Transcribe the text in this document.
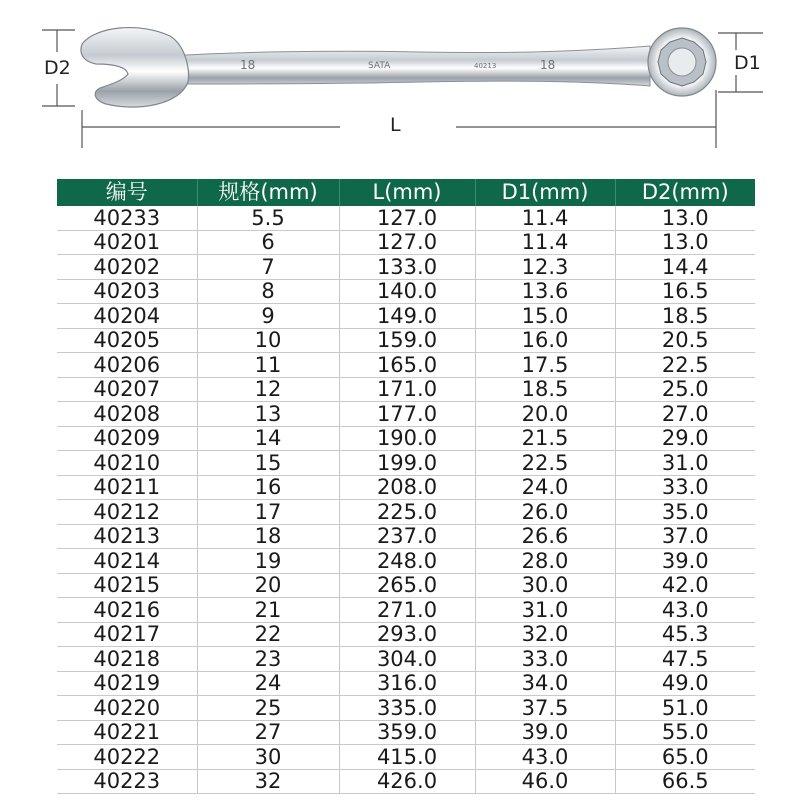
18	SATA	40213	18
D2	D1
L
编号	规格(mm)	L(mm)	D1(mm)	D2(mm)
40233	5.5	127.0	11.4	13.0
40201	6	127.0	11.4	13.0
40202	7	133.0	12.3	14.4
40203	8	140.0	13.6	16.5
40204	9	149.0	15.0	18.5
40205	10	159.0	16.0	20.5
40206	11	165.0	17.5	22.5
40207	12	171.0	18.5	25.0
40208	13	177.0	20.0	27.0
40209	14	190.0	21.5	29.0
40210	15	199.0	22.5	31.0
40211	16	208.0	24.0	33.0
40212	17	225.0	26.0	35.0
40213	18	237.0	26.6	37.0
40214	19	248.0	28.0	39.0
40215	20	265.0	30.0	42.0
40216	21	271.0	31.0	43.0
40217	22	293.0	32.0	45.3
40218	23	304.0	33.0	47.5
40219	24	316.0	34.0	49.0
40220	25	335.0	37.5	51.0
40221	27	359.0	39.0	55.0
40222	30	415.0	43.0	65.0
40223	32	426.0	46.0	66.5
